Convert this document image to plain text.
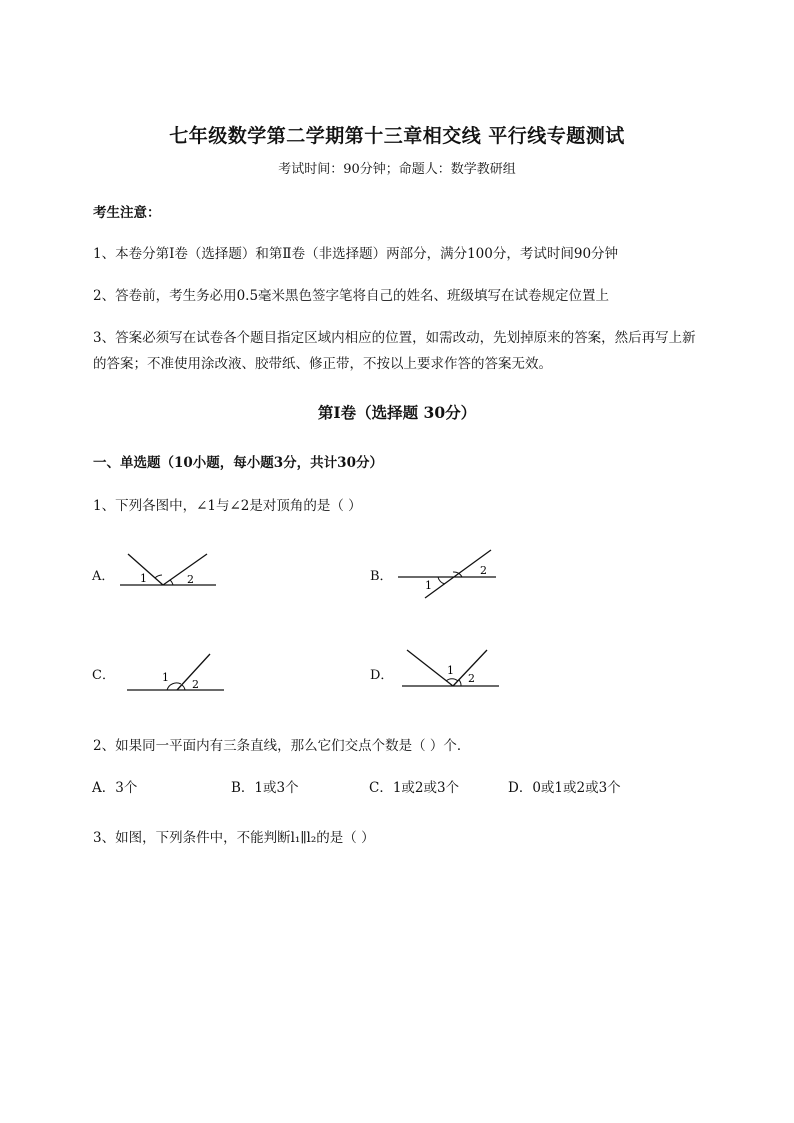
七年级数学第二学期第十三章相交线 平行线专题测试
考试时间：90分钟；命题人：数学教研组
考生注意：
1、本卷分第I卷（选择题）和第Ⅱ卷（非选择题）两部分，满分100分，考试时间90分钟
2、答卷前，考生务必用0.5毫米黑色签字笔将自己的姓名、班级填写在试卷规定位置上
3、答案必须写在试卷各个题目指定区域内相应的位置，如需改动，先划掉原来的答案，然后再写上新
的答案；不准使用涂改液、胶带纸、修正带，不按以上要求作答的答案无效。
第I卷（选择题 30分）
一、单选题（10小题，每小题3分，共计30分）
1、下列各图中，∠1与∠2是对顶角的是（ ）
A． 1	2	B．
1
2
C．	1
2
D．	1
2
2、如果同一平面内有三条直线，那么它们交点个数是（ ）个．
A．3个	B．1或3个	C．1或2或3个	D．0或1或2或3个
3、如图，下列条件中，不能判断l₁∥l₂的是（ ）
